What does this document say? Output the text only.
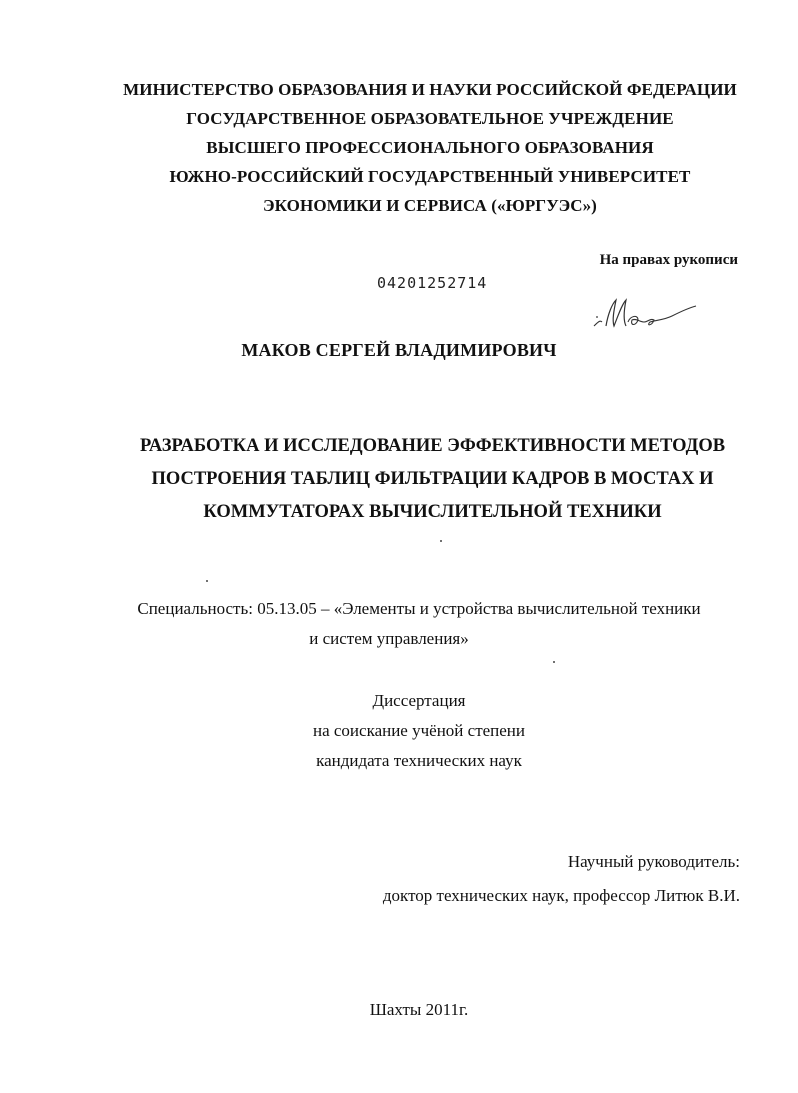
МИНИСТЕРСТВО ОБРАЗОВАНИЯ И НАУКИ РОССИЙСКОЙ ФЕДЕРАЦИИ
ГОСУДАРСТВЕННОЕ ОБРАЗОВАТЕЛЬНОЕ УЧРЕЖДЕНИЕ
ВЫСШЕГО ПРОФЕССИОНАЛЬНОГО ОБРАЗОВАНИЯ
ЮЖНО-РОССИЙСКИЙ ГОСУДАРСТВЕННЫЙ УНИВЕРСИТЕТ
ЭКОНОМИКИ И СЕРВИСА («ЮРГУЭС»)
На правах рукописи
04201252714
МАКОВ СЕРГЕЙ ВЛАДИМИРОВИЧ
РАЗРАБОТКА И ИССЛЕДОВАНИЕ ЭФФЕКТИВНОСТИ МЕТОДОВ
ПОСТРОЕНИЯ ТАБЛИЦ ФИЛЬТРАЦИИ КАДРОВ В МОСТАХ И
КОММУТАТОРАХ ВЫЧИСЛИТЕЛЬНОЙ ТЕХНИКИ
Специальность: 05.13.05 – «Элементы и устройства вычислительной техники
и систем управления»
Диссертация
на соискание учёной степени
кандидата технических наук
Научный руководитель:
доктор технических наук, профессор Литюк В.И.
Шахты 2011г.
